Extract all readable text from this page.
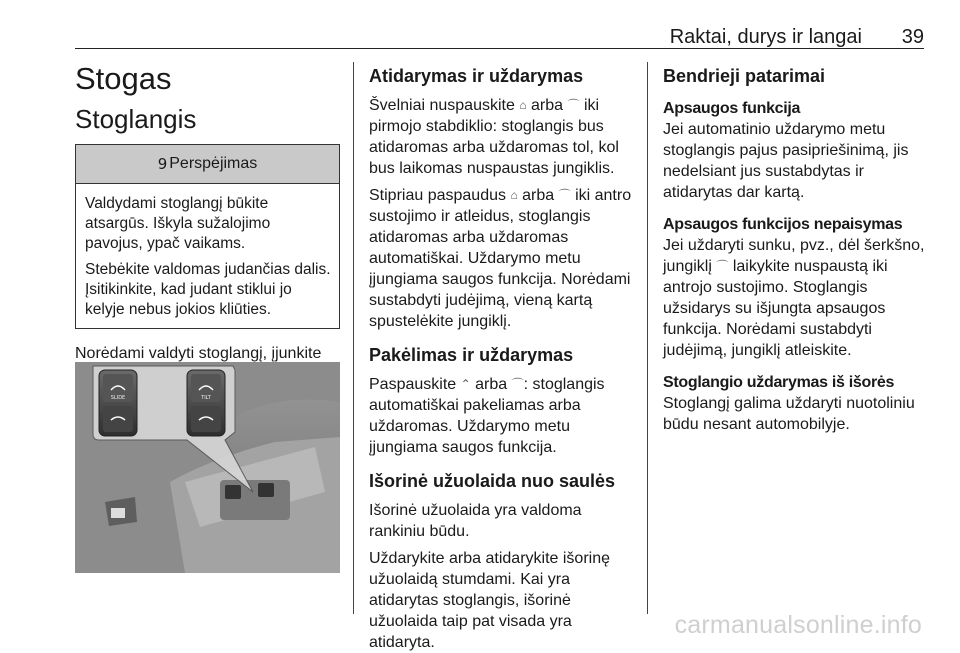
Raktai, durys ir langai 39
Stogas
Stoglangis
9 Perspėjimas

Valdydami stoglangį būkite atsargūs. Iškyla sužalojimo pavojus, ypač vaikams.

Stebėkite valdomas judančias dalis. Įsitikinkite, kad judant stiklui jo kelyje nebus jokios kliūties.

Norėdami valdyti stoglangį, įjunkite

SLIDE	TILT
Atidarymas ir uždarymas

Švelniai nuspauskite ⌂ arba ⌒ iki pirmojo stabdiklio: stoglangis bus atidaromas arba uždaromas tol, kol bus laikomas nuspaustas jungiklis.

Stipriau paspaudus ⌂ arba ⌒ iki antro sustojimo ir atleidus, stoglangis atidaromas arba uždaromas automatiškai. Uždarymo metu įjungiama saugos funkcija. Norėdami sustabdyti judėjimą, vieną kartą spustelėkite jungiklį.

Pakėlimas ir uždarymas

Paspauskite ⌃ arba ⌒: stoglangis automatiškai pakeliamas arba uždaromas. Uždarymo metu įjungiama saugos funkcija.

Išorinė užuolaida nuo saulės

Išorinė užuolaida yra valdoma rankiniu būdu.

Uždarykite arba atidarykite išorinę užuolaidą stumdami. Kai yra atidarytas stoglangis, išorinė užuolaida taip pat visada yra atidaryta.

Bendrieji patarimai
Apsaugos funkcija

Jei automatinio uždarymo metu stoglangis pajus pasipriešinimą, jis nedelsiant jus sustabdytas ir atidarytas dar kartą.

Apsaugos funkcijos nepaisymas

Jei uždaryti sunku, pvz., dėl šerkšno, jungiklį ⌒ laikykite nuspaustą iki antrojo sustojimo. Stoglangis užsidarys su išjungta apsaugos funkcija. Norėdami sustabdyti judėjimą, jungiklį atleiskite.

Stoglangio uždarymas iš išorės

Stoglangį galima uždaryti nuotoliniu būdu nesant automobilyje.

carmanualsonline.info
